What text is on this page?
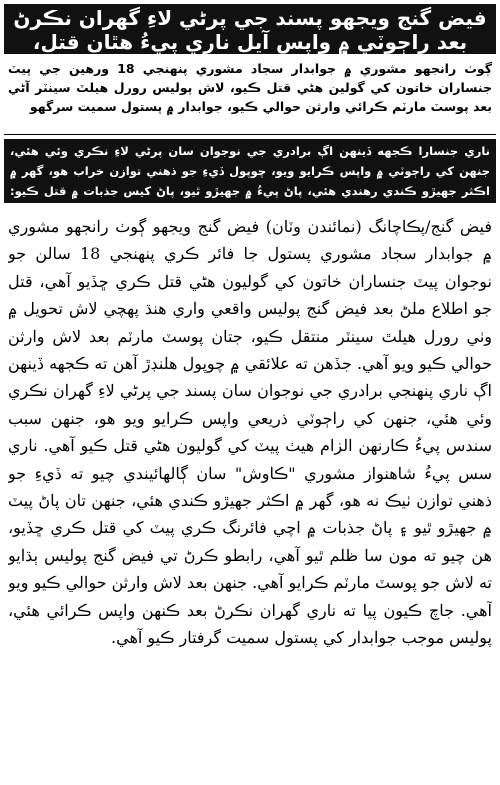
فيض گنج ويجهو پسند جي پرڻي لاءِ گهران نڪرڻ بعد راڄوٽي ۾ واپس آيل ناري پيءُ هٿان قتل،
ڳوٺ رانجهو مشوري ۾ جوابدار سجاد مشوري پنهنجي 18 ورهين جي پيٽ جنساران خاتون کي گولين هڻي قتل ڪيو، لاش پوليس رورل هيلٿ سينٽر آڻي بعد پوسٽ مارٽم ڪرائي وارثن حوالي ڪيو، جوابدار ۾ پستول سميت سرگهو
ناري جنسارا ڪجهه ڏينهن اڳ برادري جي نوجوان سان پرڻي لاءِ نڪري وئي هئي، جنهن کي راڄوٽي ۾ واپس ڪرايو ويو، چوپول ڏيءِ جو ذهني توازن خراب هو، گهر ۾ اڪثر جهيڙو ڪندي رهندي هئي، پاڻ پيءُ ۾ جهيڙو ٿيو، پاڻ کيس جذبات ۾ قتل ڪيو:
فيض گنج/پڪاچانگ (نمائندن وٽان) فيض گنج ويجهو ڳوٺ رانجهو مشوري ۾ جوابدار سجاد مشوري پستول جا فائر ڪري پنهنجي 18 سالن جو نوجوان پيٽ جنساران خاتون کي گوليون هڻي قتل ڪري ڇڏيو آهي، قتل جو اطلاع ملڻ بعد فيض گنج پوليس واقعي واري هنڌ پهچي لاش تحويل ۾ وٺي رورل هيلٿ سينٽر منتقل ڪيو، جتان پوسٽ مارٽم بعد لاش وارثن حوالي ڪيو ويو آهي. جڏهن ته علائقي ۾ چوپول هلنڊڙ آهن ته ڪجهه ڏينهن اڳ ناري پنهنجي برادري جي نوجوان سان پسند جي پرڻي لاءِ گهران نڪري وئي هئي، جنهن کي راڄوٽي ذريعي واپس ڪرايو ويو هو، جنهن سبب سندس پيءُ ڪارنهن الزام هيٺ پيٽ کي گوليون هڻي قتل ڪيو آهي. ناري سس پيءُ شاهنواز مشوري "ڪاوش" سان ڳالهائيندي چيو ته ڏيءِ جو ذهني توازن ٺيڪ نه هو، گهر ۾ اڪثر جهيڙو ڪندي هئي، جنهن تان پاڻ پيٽ ۾ جهيڙو ٿيو ۽ پاڻ جذبات ۾ اچي فائرنگ ڪري پيٽ کي قتل ڪري ڇڏيو، هن چيو ته مون سا ظلم ٿيو آهي، رابطو ڪرڻ تي فيض گنج پوليس ٻڌايو ته لاش جو پوسٽ مارٽم ڪرايو آهي. جنهن بعد لاش وارثن حوالي ڪيو ويو آهي. جاچ ڪيون پيا ته ناري گهران نڪرڻ بعد ڪنهن واپس ڪرائي هئي، پوليس موجب جوابدار کي پستول سميت گرفتار ڪيو آهي.
